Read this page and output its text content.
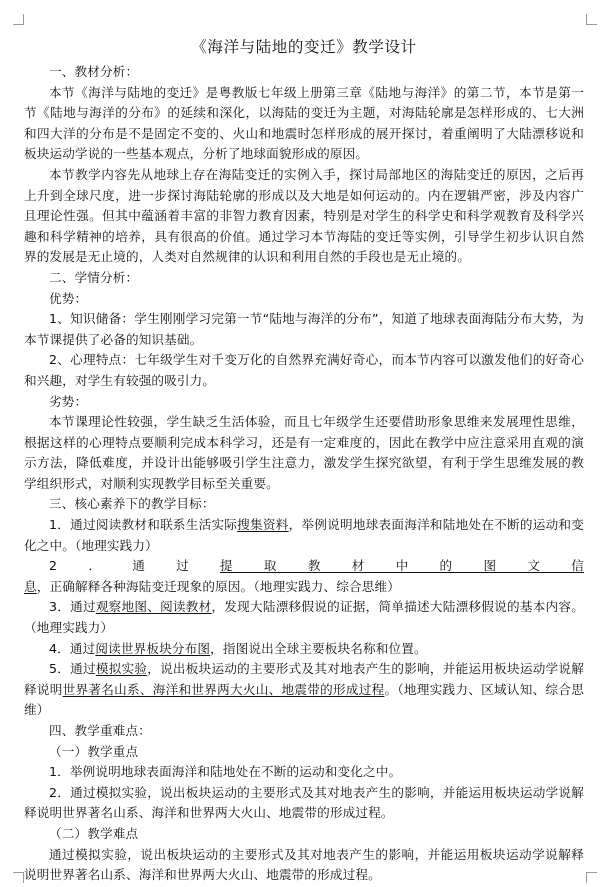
《海洋与陆地的变迁》教学设计

一、教材分析：

本节《海洋与陆地的变迁》是粤教版七年级上册第三章《陆地与海洋》的第二节，本节是第一节《陆地与海洋的分布》的延续和深化，以海陆的变迁为主题，对海陆轮廓是怎样形成的、七大洲和四大洋的分布是不是固定不变的、火山和地震时怎样形成的展开探讨，着重阐明了大陆漂移说和板块运动学说的一些基本观点，分析了地球面貌形成的原因。

本节教学内容先从地球上存在海陆变迁的实例入手，探讨局部地区的海陆变迁的原因，之后再上升到全球尺度，进一步探讨海陆轮廓的形成以及大地是如何运动的。内在逻辑严密，涉及内容广且理论性强。但其中蕴涵着丰富的非智力教育因素，特别是对学生的科学史和科学观教育及科学兴趣和科学精神的培养，具有很高的价值。通过学习本节海陆的变迁等实例，引导学生初步认识自然界的发展是无止境的，人类对自然规律的认识和利用自然的手段也是无止境的。

二、学情分析：

优势：

1、知识储备：学生刚刚学习完第一节“陆地与海洋的分布”，知道了地球表面海陆分布大势，为本节课提供了必备的知识基础。

2、心理特点：七年级学生对千变万化的自然界充满好奇心，而本节内容可以激发他们的好奇心和兴趣，对学生有较强的吸引力。

劣势：

本节课理论性较强，学生缺乏生活体验，而且七年级学生还要借助形象思维来发展理性思维，根据这样的心理特点要顺利完成本科学习，还是有一定难度的，因此在教学中应注意采用直观的演示方法，降低难度，并设计出能够吸引学生注意力，激发学生探究欲望，有利于学生思维发展的教学组织形式，对顺利实现教学目标至关重要。

三、核心素养下的教学目标：

1．通过阅读教材和联系生活实际搜集资料，举例说明地球表面海洋和陆地处在不断的运动和变化之中。（地理实践力）

2．通过提取教材中的图文信息，正确解释各种海陆变迁现象的原因。（地理实践力、综合思维）

3．通过观察地图、阅读教材，发现大陆漂移假说的证据，简单描述大陆漂移假说的基本内容。（地理实践力）

4．通过阅读世界板块分布图，指图说出全球主要板块名称和位置。

5．通过模拟实验，说出板块运动的主要形式及其对地表产生的影响，并能运用板块运动学说解释说明世界著名山系、海洋和世界两大火山、地震带的形成过程。（地理实践力、区域认知、综合思维）

四、教学重难点：

（一）教学重点

1．举例说明地球表面海洋和陆地处在不断的运动和变化之中。

2．通过模拟实验，说出板块运动的主要形式及其对地表产生的影响，并能运用板块运动学说解释说明世界著名山系、海洋和世界两大火山、地震带的形成过程。

（二）教学难点

通过模拟实验，说出板块运动的主要形式及其对地表产生的影响，并能运用板块运动学说解释说明世界著名山系、海洋和世界两大火山、地震带的形成过程。
